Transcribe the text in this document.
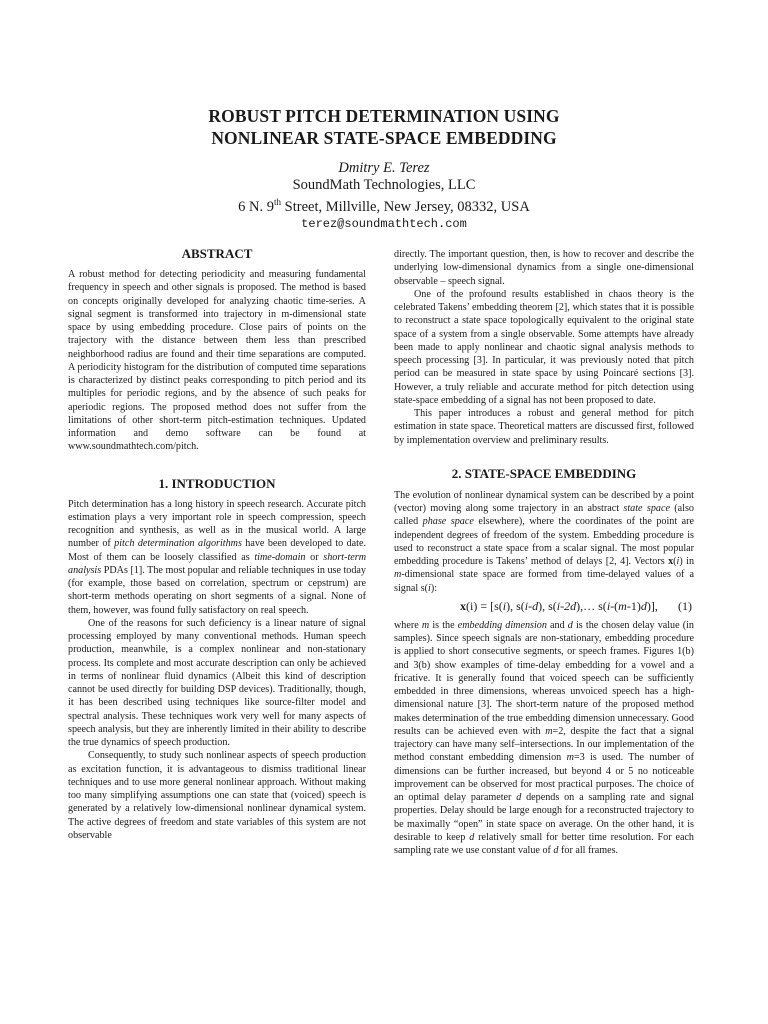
ROBUST PITCH DETERMINATION USING
NONLINEAR STATE-SPACE EMBEDDING
Dmitry E. Terez
SoundMath Technologies, LLC
6 N. 9th Street, Millville, New Jersey, 08332, USA
terez@soundmathtech.com
ABSTRACT

A robust method for detecting periodicity and measuring fundamental frequency in speech and other signals is proposed. The method is based on concepts originally developed for analyzing chaotic time-series. A signal segment is transformed into trajectory in m-dimensional state space by using embedding procedure. Close pairs of points on the trajectory with the distance between them less than prescribed neighborhood radius are found and their time separations are computed. A periodicity histogram for the distribution of computed time separations is characterized by distinct peaks corresponding to pitch period and its multiples for periodic regions, and by the absence of such peaks for aperiodic regions. The proposed method does not suffer from the limitations of other short-term pitch-estimation techniques. Updated information and demo software can be found at www.soundmathtech.com/pitch.

1. INTRODUCTION

Pitch determination has a long history in speech research. Accurate pitch estimation plays a very important role in speech compression, speech recognition and synthesis, as well as in the musical world. A large number of pitch determination algorithms have been developed to date. Most of them can be loosely classified as time-domain or short-term analysis PDAs [1]. The most popular and reliable techniques in use today (for example, those based on correlation, spectrum or cepstrum) are short-term methods operating on short segments of a signal. None of them, however, was found fully satisfactory on real speech.

One of the reasons for such deficiency is a linear nature of signal processing employed by many conventional methods. Human speech production, meanwhile, is a complex nonlinear and non-stationary process. Its complete and most accurate description can only be achieved in terms of nonlinear fluid dynamics (Albeit this kind of description cannot be used directly for building DSP devices). Traditionally, though, it has been described using techniques like source-filter model and spectral analysis. These techniques work very well for many aspects of speech analysis, but they are inherently limited in their ability to describe the true dynamics of speech production.

Consequently, to study such nonlinear aspects of speech production as excitation function, it is advantageous to dismiss traditional linear techniques and to use more general nonlinear approach. Without making too many simplifying assumptions one can state that (voiced) speech is generated by a relatively low-dimensional nonlinear dynamical system. The active degrees of freedom and state variables of this system are not observable

directly. The important question, then, is how to recover and describe the underlying low-dimensional dynamics from a single one-dimensional observable – speech signal.

One of the profound results established in chaos theory is the celebrated Takens’ embedding theorem [2], which states that it is possible to reconstruct a state space topologically equivalent to the original state space of a system from a single observable. Some attempts have already been made to apply nonlinear and chaotic signal analysis methods to speech processing [3]. In particular, it was previously noted that pitch period can be measured in state space by using Poincaré sections [3]. However, a truly reliable and accurate method for pitch detection using state-space embedding of a signal has not been proposed to date.

This paper introduces a robust and general method for pitch estimation in state space. Theoretical matters are discussed first, followed by implementation overview and preliminary results.

2. STATE-SPACE EMBEDDING

The evolution of nonlinear dynamical system can be described by a point (vector) moving along some trajectory in an abstract state space (also called phase space elsewhere), where the coordinates of the point are independent degrees of freedom of the system. Embedding procedure is used to reconstruct a state space from a scalar signal. The most popular embedding procedure is Takens’ method of delays [2, 4]. Vectors x(i) in m-dimensional state space are formed from time-delayed values of a signal s(i):

x(i) = [s(i), s(i-d), s(i-2d),… s(i-(m-1)d)], (1)

where m is the embedding dimension and d is the chosen delay value (in samples). Since speech signals are non-stationary, embedding procedure is applied to short consecutive segments, or speech frames. Figures 1(b) and 3(b) show examples of time-delay embedding for a vowel and a fricative. It is generally found that voiced speech can be sufficiently embedded in three dimensions, whereas unvoiced speech has a high-dimensional nature [3]. The short-term nature of the proposed method makes determination of the true embedding dimension unnecessary. Good results can be achieved even with m=2, despite the fact that a signal trajectory can have many self–intersections. In our implementation of the method constant embedding dimension m=3 is used. The number of dimensions can be further increased, but beyond 4 or 5 no noticeable improvement can be observed for most practical purposes. The choice of an optimal delay parameter d depends on a sampling rate and signal properties. Delay should be large enough for a reconstructed trajectory to be maximally “open” in state space on average. On the other hand, it is desirable to keep d relatively small for better time resolution. For each sampling rate we use constant value of d for all frames.
